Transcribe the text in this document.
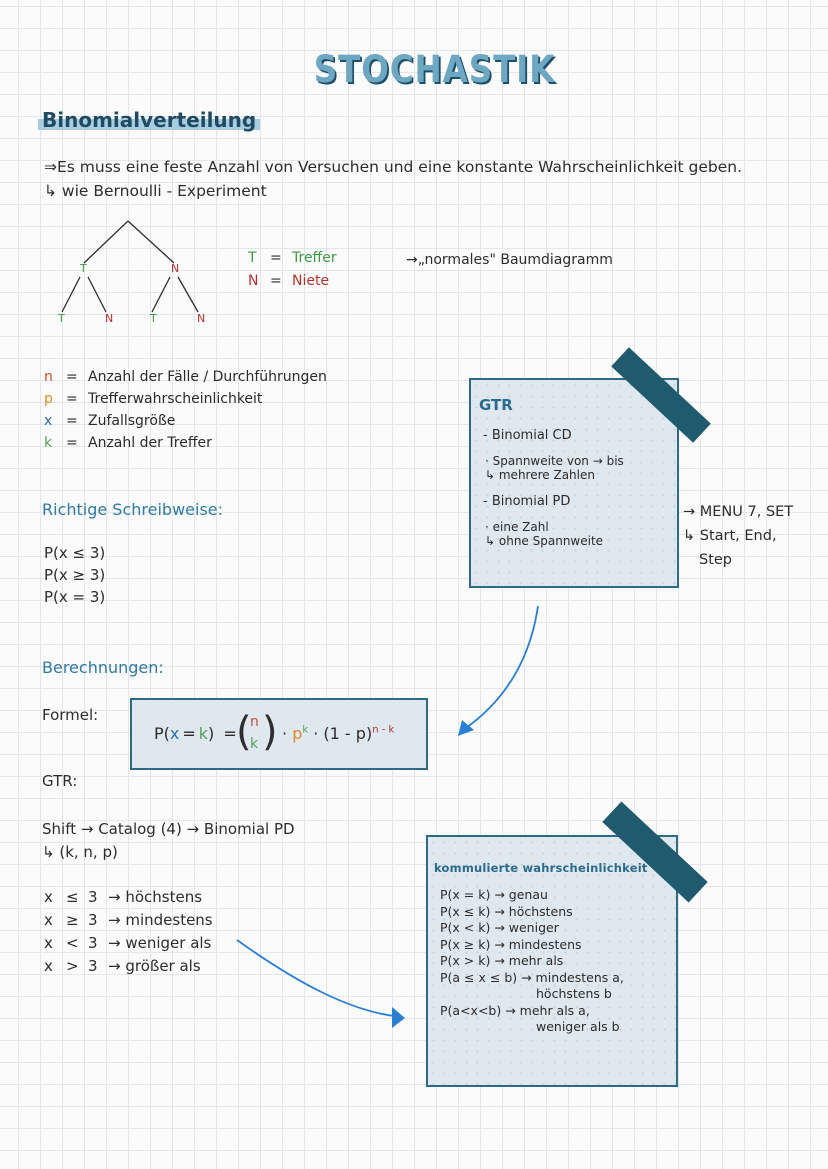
STOCHASTIK
Binomialverteilung
⇒Es muss eine feste Anzahl von Versuchen und eine konstante Wahrscheinlichkeit geben.
↳ wie Bernoulli - Experiment
T	N
T	N	T	N
T = Treffer
N = Niete
→„normales" Baumdiagramm
n = Anzahl der Fälle / Durchführungen
p = Trefferwahrscheinlichkeit
x = Zufallsgröße
k = Anzahl der Treffer
Richtige Schreibweise:
P(x ≤ 3)
P(x ≥ 3)
P(x = 3)
GTR
- Binomial CD
· Spannweite von → bis
↳ mehrere Zahlen
- Binomial PD
· eine Zahl
↳ ohne Spannweite
→ MENU 7, SET
↳ Start, End,
Step
Berechnungen:
Formel:
P(x = k) = (
n
k ) · $p^k \cdot (1 - p)^{n - k}$
GTR:
Shift → Catalog (4) → Binomial PD
↳ (k, n, p)
x ≤ 3 → höchstens
x ≥ 3 → mindestens
x < 3 → weniger als
x > 3 → größer als
kommulierte wahrscheinlichkeit
P(x = k) → genau
P(x ≤ k) → höchstens
P(x < k) → weniger
P(x ≥ k) → mindestens
P(x > k) → mehr als
P(a ≤ x ≤ b) → mindestens a,
höchstens b
P(a<x<b) → mehr als a,
weniger als b
